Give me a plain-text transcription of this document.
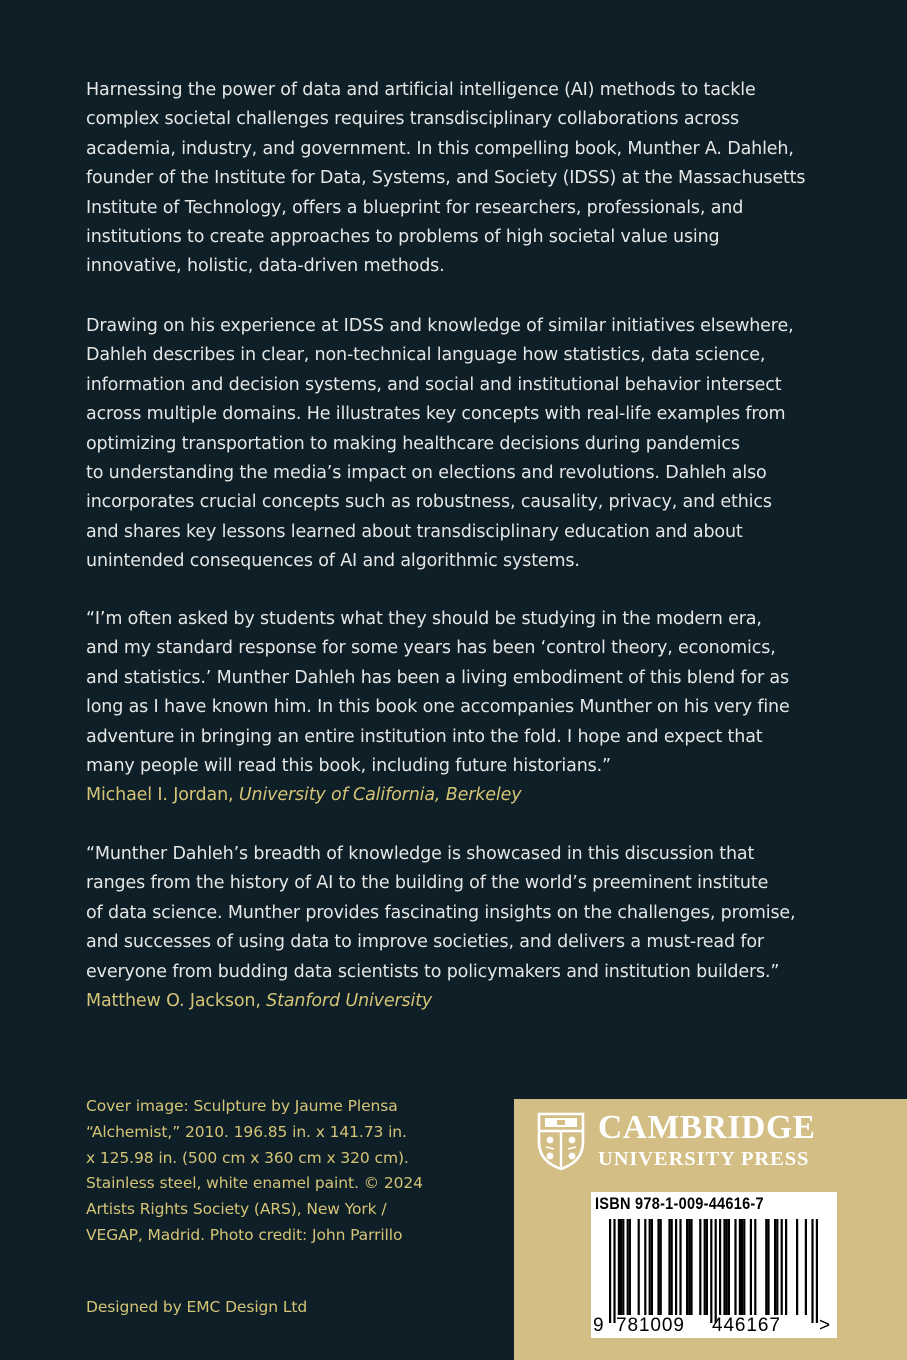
Harnessing the power of data and artificial intelligence (AI) methods to tackle
complex societal challenges requires transdisciplinary collaborations across
academia, industry, and government. In this compelling book, Munther A. Dahleh,
founder of the Institute for Data, Systems, and Society (IDSS) at the Massachusetts
Institute of Technology, offers a blueprint for researchers, professionals, and
institutions to create approaches to problems of high societal value using
innovative, holistic, data-driven methods.

Drawing on his experience at IDSS and knowledge of similar initiatives elsewhere,
Dahleh describes in clear, non-technical language how statistics, data science,
information and decision systems, and social and institutional behavior intersect
across multiple domains. He illustrates key concepts with real-life examples from
optimizing transportation to making healthcare decisions during pandemics
to understanding the media’s impact on elections and revolutions. Dahleh also
incorporates crucial concepts such as robustness, causality, privacy, and ethics
and shares key lessons learned about transdisciplinary education and about
unintended consequences of AI and algorithmic systems.

“I’m often asked by students what they should be studying in the modern era,
and my standard response for some years has been ‘control theory, economics,
and statistics.’ Munther Dahleh has been a living embodiment of this blend for as
long as I have known him. In this book one accompanies Munther on his very fine
adventure in bringing an entire institution into the fold. I hope and expect that
many people will read this book, including future historians.”

Michael I. Jordan, University of California, Berkeley

“Munther Dahleh’s breadth of knowledge is showcased in this discussion that
ranges from the history of AI to the building of the world’s preeminent institute
of data science. Munther provides fascinating insights on the challenges, promise,
and successes of using data to improve societies, and delivers a must-read for
everyone from budding data scientists to policymakers and institution builders.”

Matthew O. Jackson, Stanford University

Cover image: Sculpture by Jaume Plensa
“Alchemist,” 2010. 196.85 in. x 141.73 in.
x 125.98 in. (500 cm x 360 cm x 320 cm).
Stainless steel, white enamel paint. © 2024
Artists Rights Society (ARS), New York /
VEGAP, Madrid. Photo credit: John Parrillo

Designed by EMC Design Ltd

CAMBRIDGE
UNIVERSITY PRESS
ISBN 978-1-009-44616-7
9 781009 446167 >
